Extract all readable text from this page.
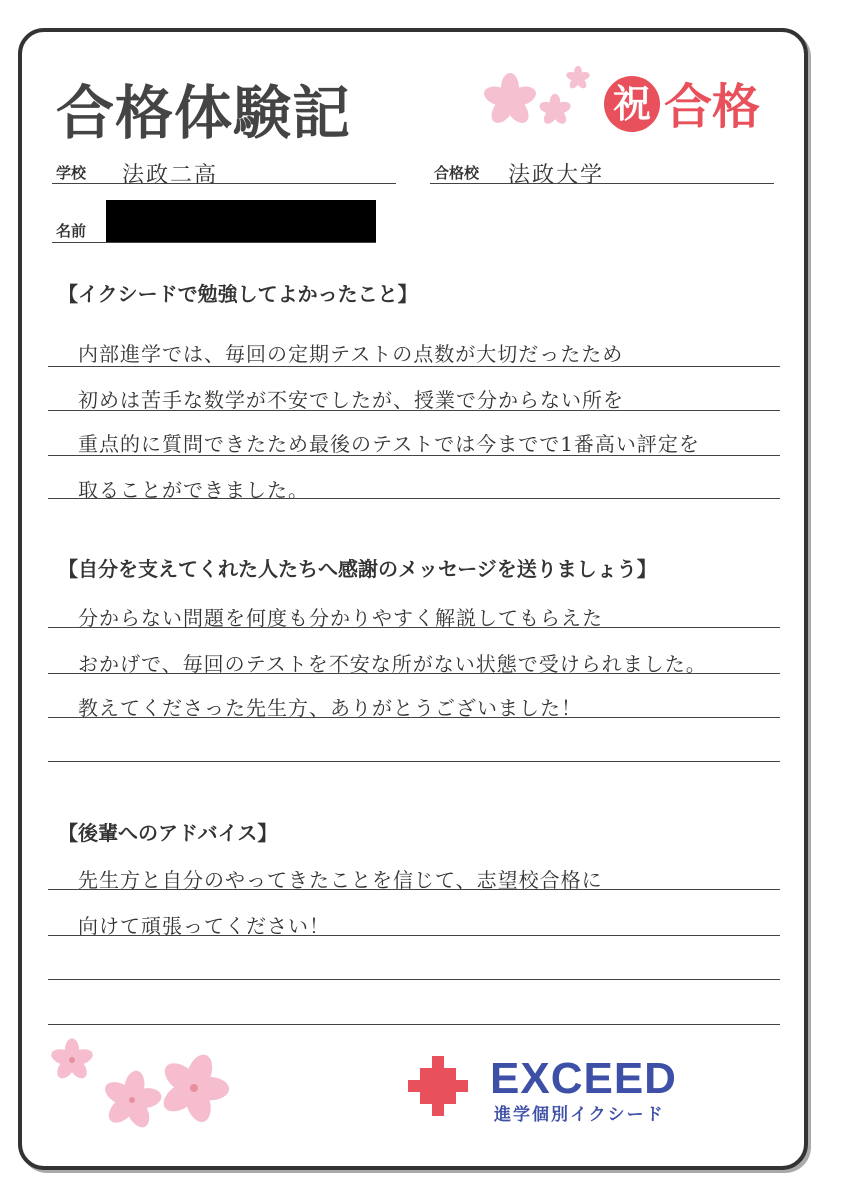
合格体験記	祝 合格
学校 法政二高	合格校 法政大学
名前
【イクシードで勉強してよかったこと】
内部進学では、毎回の定期テストの点数が大切だったため
初めは苦手な数学が不安でしたが、授業で分からない所を
重点的に質問できたため最後のテストでは今までで1番高い評定を
取ることができました。
【自分を支えてくれた人たちへ感謝のメッセージを送りましょう】
分からない問題を何度も分かりやすく解説してもらえた
おかげで、毎回のテストを不安な所がない状態で受けられました。
教えてくださった先生方、ありがとうございました！
【後輩へのアドバイス】
先生方と自分のやってきたことを信じて、志望校合格に
向けて頑張ってください！
EXCEED
進学個別イクシード
